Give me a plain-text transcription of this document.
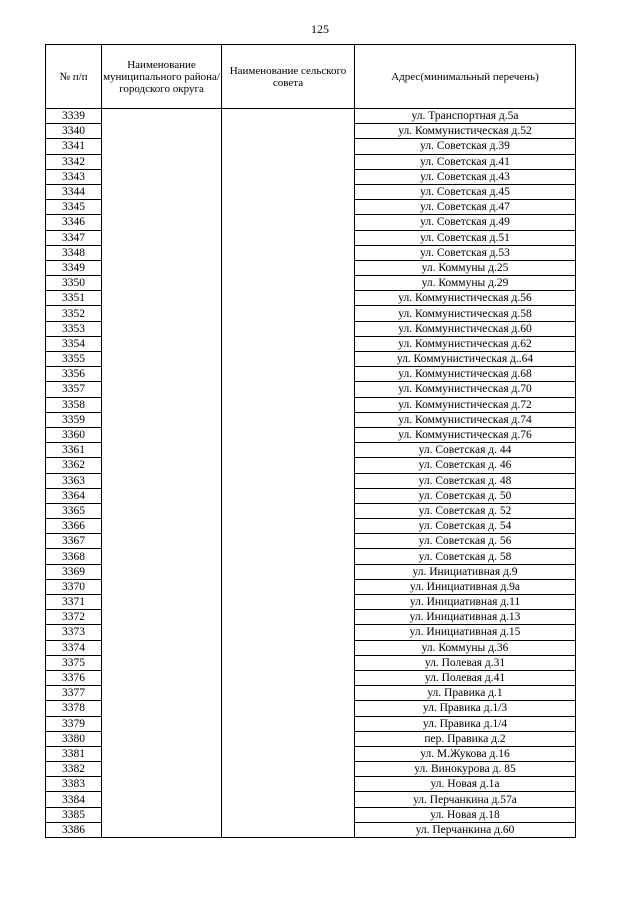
125
№ п/п	Наименование муниципального района/ городского округа	Наименование сельского совета	Адрес(минимальный перечень)
3339			ул. Транспортная д.5а
3340			ул. Коммунистическая д.52
3341			ул. Советская д.39
3342			ул. Советская д.41
3343			ул. Советская д.43
3344			ул. Советская д.45
3345			ул. Советская д.47
3346			ул. Советская д.49
3347			ул. Советская д.51
3348			ул. Советская д.53
3349			ул. Коммуны д.25
3350			ул. Коммуны д.29
3351			ул. Коммунистическая д.56
3352			ул. Коммунистическая д.58
3353			ул. Коммунистическая д.60
3354			ул. Коммунистическая д.62
3355			ул. Коммунистическая д..64
3356			ул. Коммунистическая д.68
3357			ул. Коммунистическая д.70
3358			ул. Коммунистическая д.72
3359			ул. Коммунистическая д.74
3360			ул. Коммунистическая д.76
3361			ул. Советская д. 44
3362			ул. Советская д. 46
3363			ул. Советская д. 48
3364			ул. Советская д. 50
3365			ул. Советская д. 52
3366			ул. Советская д. 54
3367			ул. Советская д. 56
3368			ул. Советская д. 58
3369			ул. Инициативная д.9
3370			ул. Инициативная д.9а
3371			ул. Инициативная д.11
3372			ул. Инициативная д.13
3373			ул. Инициативная д.15
3374			ул. Коммуны д.36
3375			ул. Полевая д.31
3376			ул. Полевая д.41
3377			ул. Правика д.1
3378			ул. Правика д.1/3
3379			ул. Правика д.1/4
3380			пер. Правика д.2
3381			ул. М.Жукова д.16
3382			ул. Винокурова д. 85
3383			ул. Новая д.1а
3384			ул. Перчанкина д.57а
3385			ул. Новая д.18
3386			ул. Перчанкина д.60
